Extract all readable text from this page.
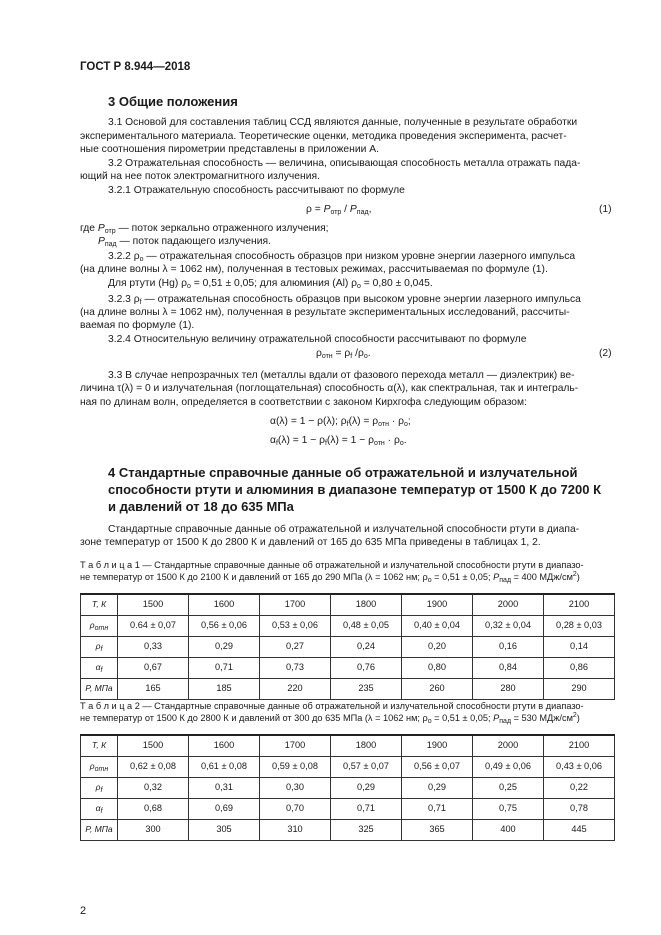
ГОСТ Р 8.944—2018
3 Общие положения
3.1 Основой для составления таблиц ССД являются данные, полученные в результате обработки
экспериментального материала. Теоретические оценки, методика проведения эксперимента, расчет-
ные соотношения пирометрии представлены в приложении А.
3.2 Отражательная способность — величина, описывающая способность металла отражать пада-
ющий на нее поток электромагнитного излучения.
3.2.1 Отражательную способность рассчитывают по формуле
$\rho = P_{отр} / P_{пад}$,	(1)
где $P_{отр}$ — поток зеркально отраженного излучения;
$P_{пад}$ — поток падающего излучения.
3.2.2 $\rho_о$ — отражательная способность образцов при низком уровне энергии лазерного импульса
(на длине волны λ = 1062 нм), полученная в тестовых режимах, рассчитываемая по формуле (1).
Для ртути (Hg) $\rho_о = 0,51 \pm 0,05$; для алюминия (Al) $\rho_о = 0,80 \pm 0,045$.
3.2.3 $\rho_f$ — отражательная способность образцов при высоком уровне энергии лазерного импульса
(на длине волны λ = 1062 нм), полученная в результате экспериментальных исследований, рассчиты-
ваемая по формуле (1).
3.2.4 Относительную величину отражательной способности рассчитывают по формуле
$\rho_{отн} = \rho_f$ $/\rho_о$.	(2)
3.3 В случае непрозрачных тел (металлы вдали от фазового перехода металл — диэлектрик) ве-
личина τ(λ) = 0 и излучательная (поглощательная) способность α(λ), как спектральная, так и интеграль-
ная по длинам волн, определяется в соответствии с законом Кирхгофа следующим образом:
α(λ) = 1 − ρ(λ); $\rho_f(\lambda) = \rho_{отн} \cdot \rho_о$;
$\alpha_f(\lambda) = 1 - \rho_f(\lambda) = 1 - \rho_{отн} \cdot \rho_о$.
4 Стандартные справочные данные об отражательной и излучательной
способности ртути и алюминия в диапазоне температур от 1500 К до 7200 К
и давлений от 18 до 635 МПа
Стандартные справочные данные об отражательной и излучательной способности ртути в диапа-
зоне температур от 1500 К до 2800 К и давлений от 165 до 635 МПа приведены в таблицах 1, 2.
Т а б л и ц а 1 — Стандартные справочные данные об отражательной и излучательной способности ртути в диапазо-
не температур от 1500 К до 2100 К и давлений от 165 до 290 МПа (λ = 1062 нм; $\rho_о = 0,51 \pm 0,05$; $P_{пад} = 400$ МДж/$см^2$)
T, К	1500	1600	1700	1800	1900	2000	2100
$\rho_{отн}$	0.64 ± 0,07	0,56 ± 0,06	0,53 ± 0,06	0,48 ± 0,05	0,40 ± 0,04	0,32 ± 0,04	0,28 ± 0,03
$\rho_f$	0,33	0,29	0,27	0,24	0,20	0,16	0,14
$\alpha_f$	0,67	0,71	0,73	0,76	0,80	0,84	0,86
P, МПа	165	185	220	235	260	280	290
Т а б л и ц а 2 — Стандартные справочные данные об отражательной и излучательной способности ртути в диапазо-
не температур от 1500 К до 2800 К и давлений от 300 до 635 МПа (λ = 1062 нм; $\rho_о = 0,51 \pm 0,05$; $P_{пад} = 530$ МДж/$см^2$)
T, К	1500	1600	1700	1800	1900	2000	2100
$\rho_{отн}$	0,62 ± 0,08	0,61 ± 0,08	0,59 ± 0,08	0,57 ± 0,07	0,56 ± 0,07	0,49 ± 0,06	0,43 ± 0,06
$\rho_f$	0,32	0,31	0,30	0,29	0,29	0,25	0,22
$\alpha_f$	0,68	0,69	0,70	0,71	0,71	0,75	0,78
P, МПа	300	305	310	325	365	400	445
2
